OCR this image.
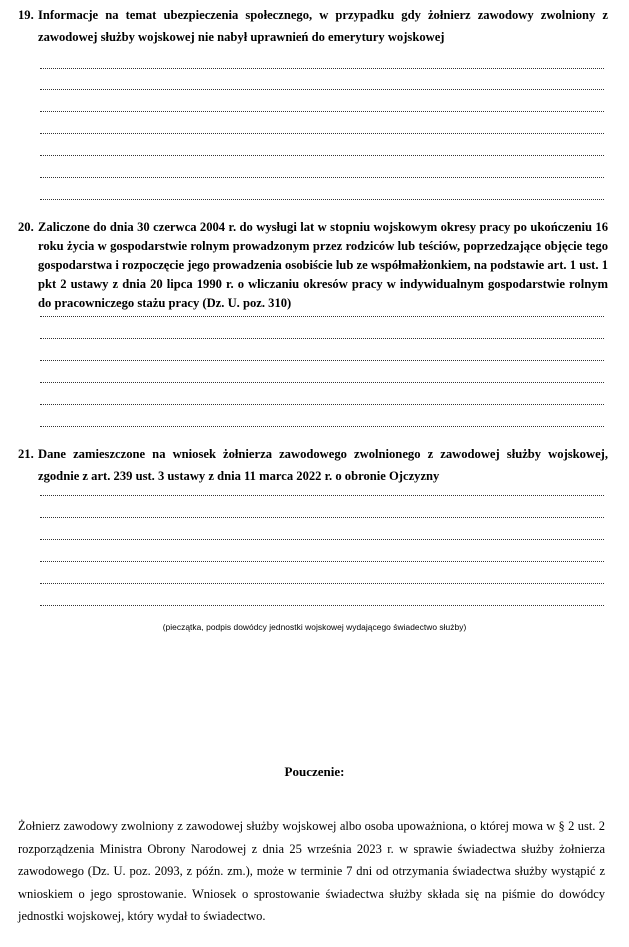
19. Informacje na temat ubezpieczenia społecznego, w przypadku gdy żołnierz zawodowy zwolniony z zawodowej służby wojskowej nie nabył uprawnień do emerytury wojskowej
20. Zaliczone do dnia 30 czerwca 2004 r. do wysługi lat w stopniu wojskowym okresy pracy po ukończeniu 16 roku życia w gospodarstwie rolnym prowadzonym przez rodziców lub teściów, poprzedzające objęcie tego gospodarstwa i rozpoczęcie jego prowadzenia osobiście lub ze współmałżonkiem, na podstawie art. 1 ust. 1 pkt 2 ustawy z dnia 20 lipca 1990 r. o wliczaniu okresów pracy w indywidualnym gospodarstwie rolnym do pracowniczego stażu pracy (Dz. U. poz. 310)
21. Dane zamieszczone na wniosek żołnierza zawodowego zwolnionego z zawodowej służby wojskowej, zgodnie z art. 239 ust. 3 ustawy z dnia 11 marca 2022 r. o obronie Ojczyzny
(pieczątka, podpis dowódcy jednostki wojskowej wydającego świadectwo służby)
Pouczenie:
Żołnierz zawodowy zwolniony z zawodowej służby wojskowej albo osoba upoważniona, o której mowa w § 2 ust. 2 rozporządzenia Ministra Obrony Narodowej z dnia 25 września 2023 r. w sprawie świadectwa służby żołnierza zawodowego (Dz. U. poz. 2093, z późn. zm.), może w terminie 7 dni od otrzymania świadectwa służby wystąpić z wnioskiem o jego sprostowanie. Wniosek o sprostowanie świadectwa służby składa się na piśmie do dowódcy jednostki wojskowej, który wydał to świadectwo.
